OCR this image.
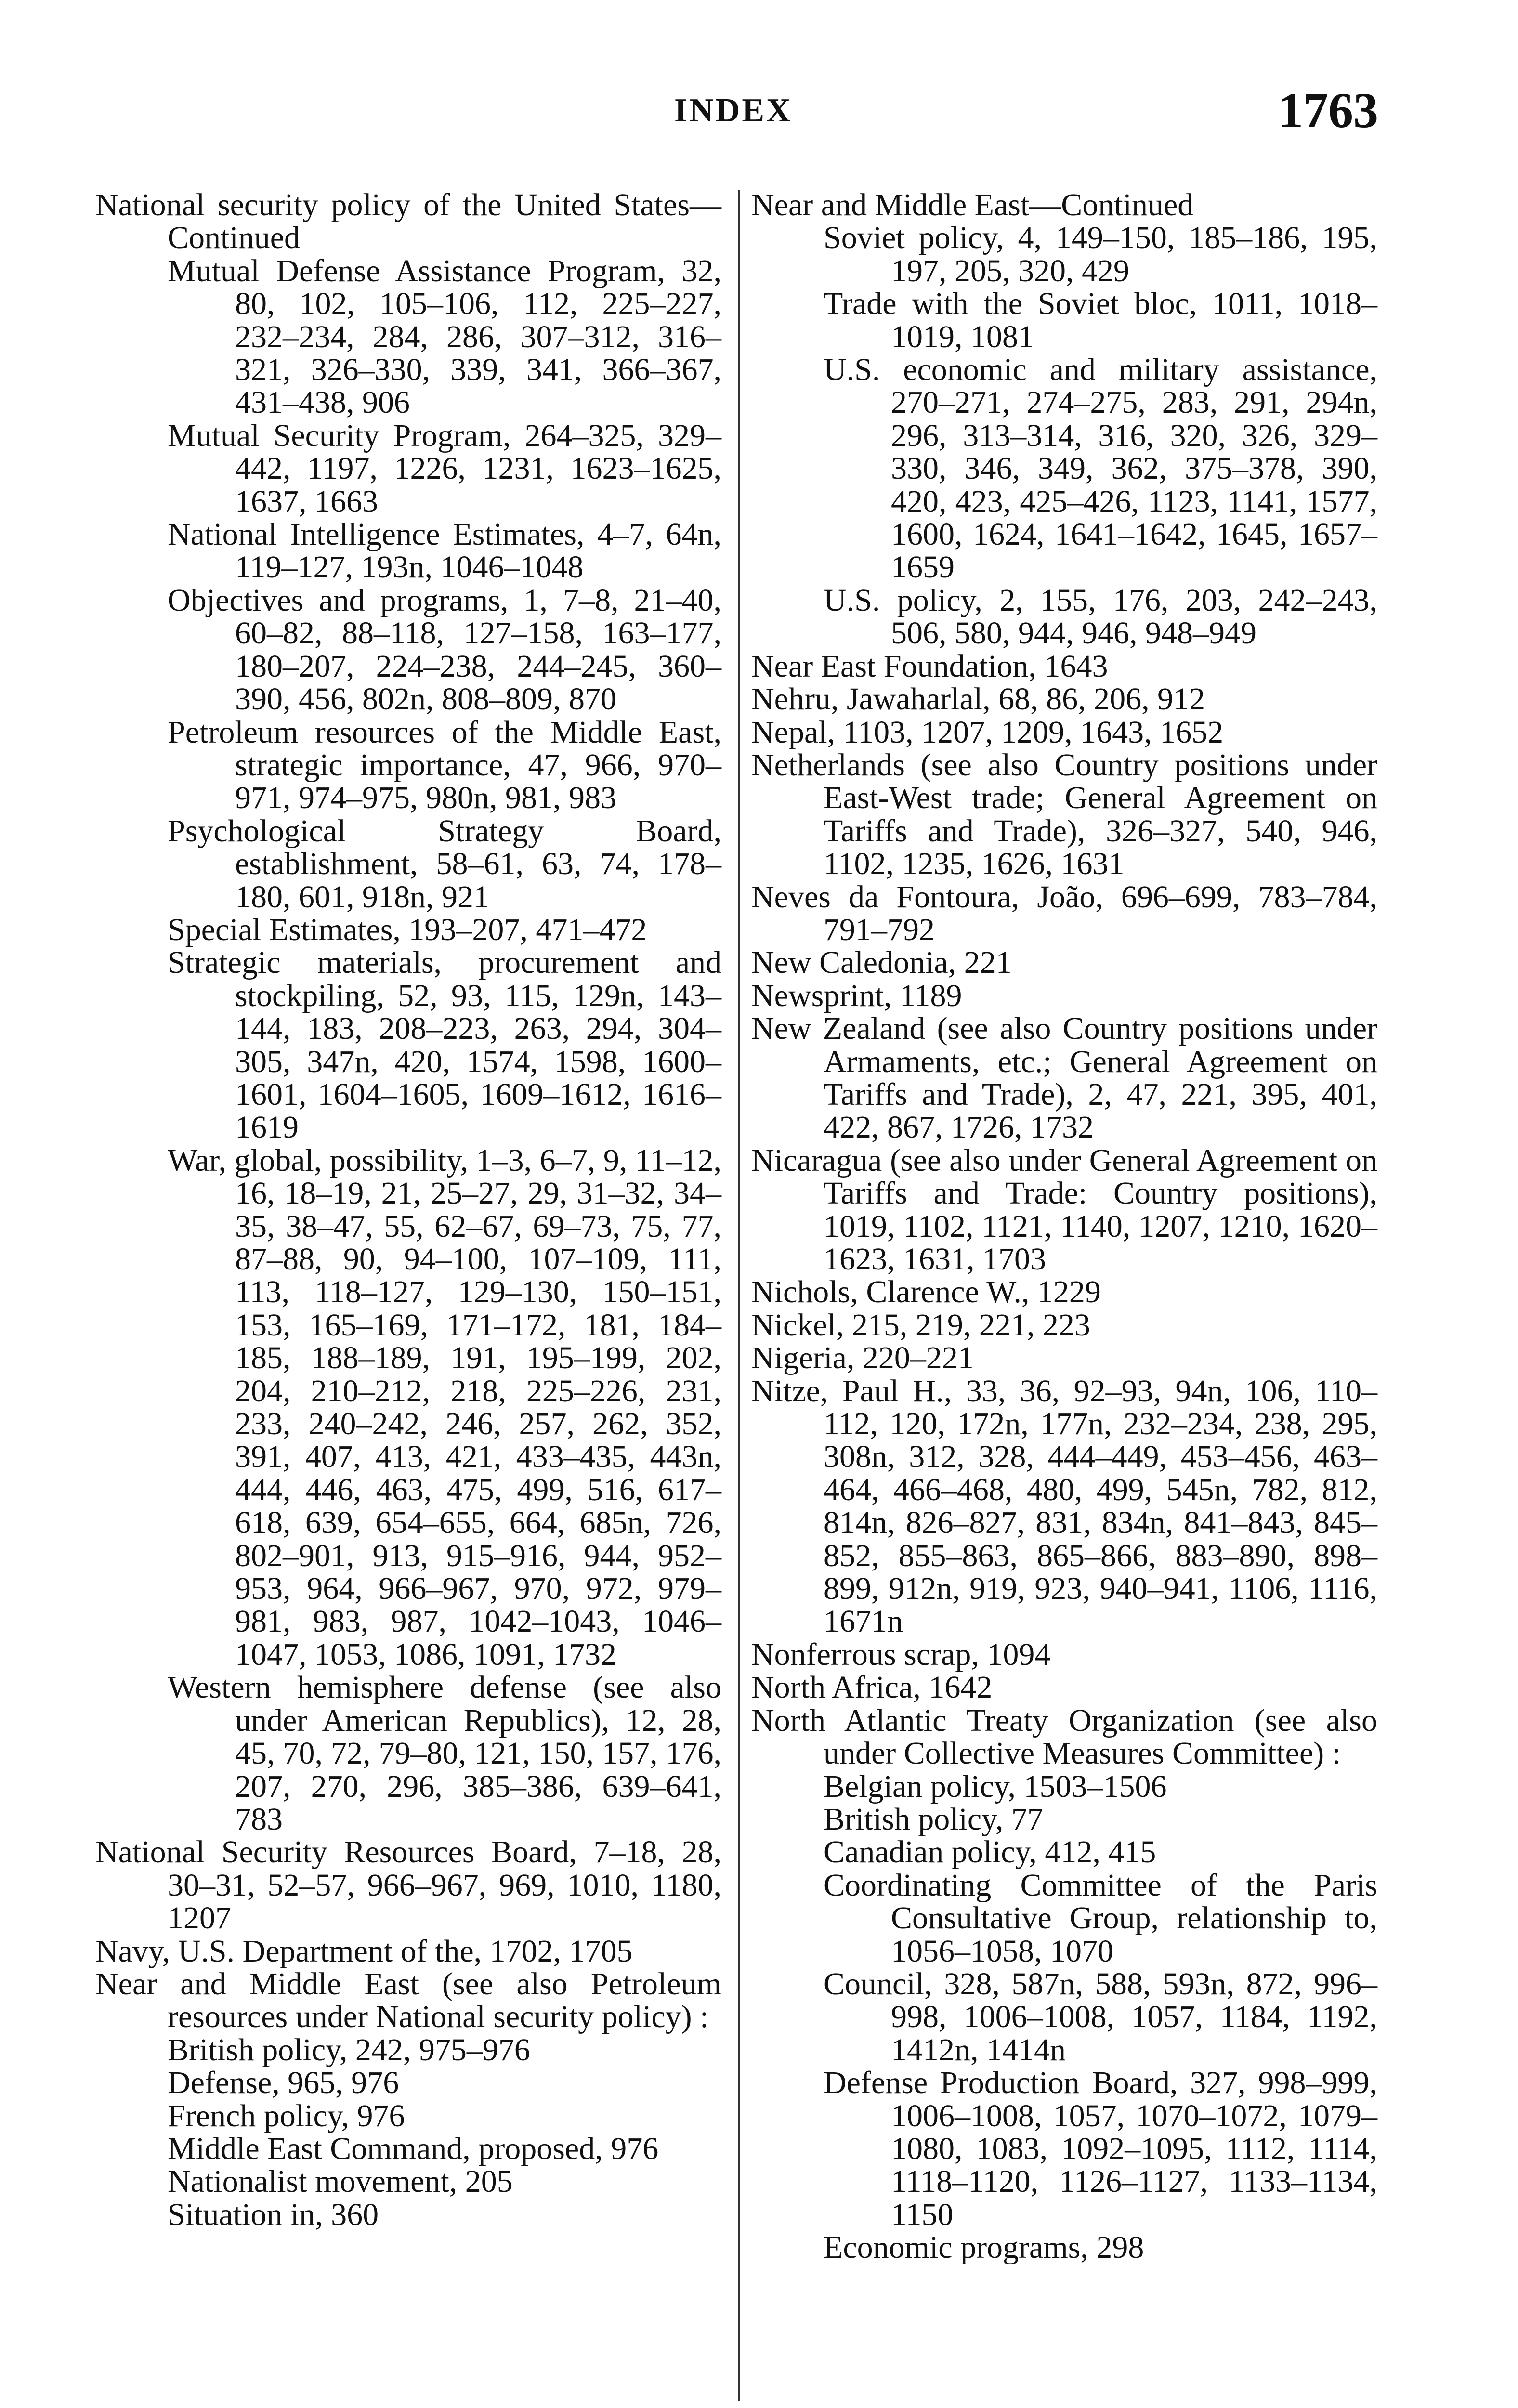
INDEX	1763

National security policy of the United States—Continued

Mutual Defense Assistance Program, 32, 80, 102, 105–106, 112, 225–227, 232–234, 284, 286, 307–312, 316–321, 326–330, 339, 341, 366–367, 431–438, 906

Mutual Security Program, 264–325, 329–442, 1197, 1226, 1231, 1623–1625, 1637, 1663

National Intelligence Estimates, 4–7, 64n, 119–127, 193n, 1046–1048

Objectives and programs, 1, 7–8, 21–40, 60–82, 88–118, 127–158, 163–177, 180–207, 224–238, 244–245, 360–390, 456, 802n, 808–809, 870

Petroleum resources of the Middle East, strategic importance, 47, 966, 970–971, 974–975, 980n, 981, 983

Psychological Strategy Board, establishment, 58–61, 63, 74, 178–180, 601, 918n, 921

Special Estimates, 193–207, 471–472

Strategic materials, procurement and stockpiling, 52, 93, 115, 129n, 143–144, 183, 208–223, 263, 294, 304–305, 347n, 420, 1574, 1598, 1600–1601, 1604–1605, 1609–1612, 1616–1619

War, global, possibility, 1–3, 6–7, 9, 11–12, 16, 18–19, 21, 25–27, 29, 31–32, 34–35, 38–47, 55, 62–67, 69–73, 75, 77, 87–88, 90, 94–100, 107–109, 111, 113, 118–127, 129–130, 150–151, 153, 165–169, 171–172, 181, 184–185, 188–189, 191, 195–199, 202, 204, 210–212, 218, 225–226, 231, 233, 240–242, 246, 257, 262, 352, 391, 407, 413, 421, 433–435, 443n, 444, 446, 463, 475, 499, 516, 617–618, 639, 654–655, 664, 685n, 726, 802–901, 913, 915–916, 944, 952–953, 964, 966–967, 970, 972, 979–981, 983, 987, 1042–1043, 1046–1047, 1053, 1086, 1091, 1732

Western hemisphere defense (see also under American Republics), 12, 28, 45, 70, 72, 79–80, 121, 150, 157, 176, 207, 270, 296, 385–386, 639–641, 783

National Security Resources Board, 7–18, 28, 30–31, 52–57, 966–967, 969, 1010, 1180, 1207

Navy, U.S. Department of the, 1702, 1705

Near and Middle East (see also Petroleum resources under National security policy) :

British policy, 242, 975–976

Defense, 965, 976

French policy, 976

Middle East Command, proposed, 976

Nationalist movement, 205

Situation in, 360

Near and Middle East—Continued

Soviet policy, 4, 149–150, 185–186, 195, 197, 205, 320, 429

Trade with the Soviet bloc, 1011, 1018–1019, 1081

U.S. economic and military assistance, 270–271, 274–275, 283, 291, 294n, 296, 313–314, 316, 320, 326, 329–330, 346, 349, 362, 375–378, 390, 420, 423, 425–426, 1123, 1141, 1577, 1600, 1624, 1641–1642, 1645, 1657–1659

U.S. policy, 2, 155, 176, 203, 242–243, 506, 580, 944, 946, 948–949

Near East Foundation, 1643

Nehru, Jawaharlal, 68, 86, 206, 912

Nepal, 1103, 1207, 1209, 1643, 1652

Netherlands (see also Country positions under East-West trade; General Agreement on Tariffs and Trade), 326–327, 540, 946, 1102, 1235, 1626, 1631

Neves da Fontoura, João, 696–699, 783–784, 791–792

New Caledonia, 221

Newsprint, 1189

New Zealand (see also Country positions under Armaments, etc.; General Agreement on Tariffs and Trade), 2, 47, 221, 395, 401, 422, 867, 1726, 1732

Nicaragua (see also under General Agreement on Tariffs and Trade: Country positions), 1019, 1102, 1121, 1140, 1207, 1210, 1620–1623, 1631, 1703

Nichols, Clarence W., 1229

Nickel, 215, 219, 221, 223

Nigeria, 220–221

Nitze, Paul H., 33, 36, 92–93, 94n, 106, 110–112, 120, 172n, 177n, 232–234, 238, 295, 308n, 312, 328, 444–449, 453–456, 463–464, 466–468, 480, 499, 545n, 782, 812, 814n, 826–827, 831, 834n, 841–843, 845–852, 855–863, 865–866, 883–890, 898–899, 912n, 919, 923, 940–941, 1106, 1116, 1671n

Nonferrous scrap, 1094

North Africa, 1642

North Atlantic Treaty Organization (see also under Collective Measures Committee) :

Belgian policy, 1503–1506

British policy, 77

Canadian policy, 412, 415

Coordinating Committee of the Paris Consultative Group, relationship to, 1056–1058, 1070

Council, 328, 587n, 588, 593n, 872, 996–998, 1006–1008, 1057, 1184, 1192, 1412n, 1414n

Defense Production Board, 327, 998–999, 1006–1008, 1057, 1070–1072, 1079–1080, 1083, 1092–1095, 1112, 1114, 1118–1120, 1126–1127, 1133–1134, 1150

Economic programs, 298
